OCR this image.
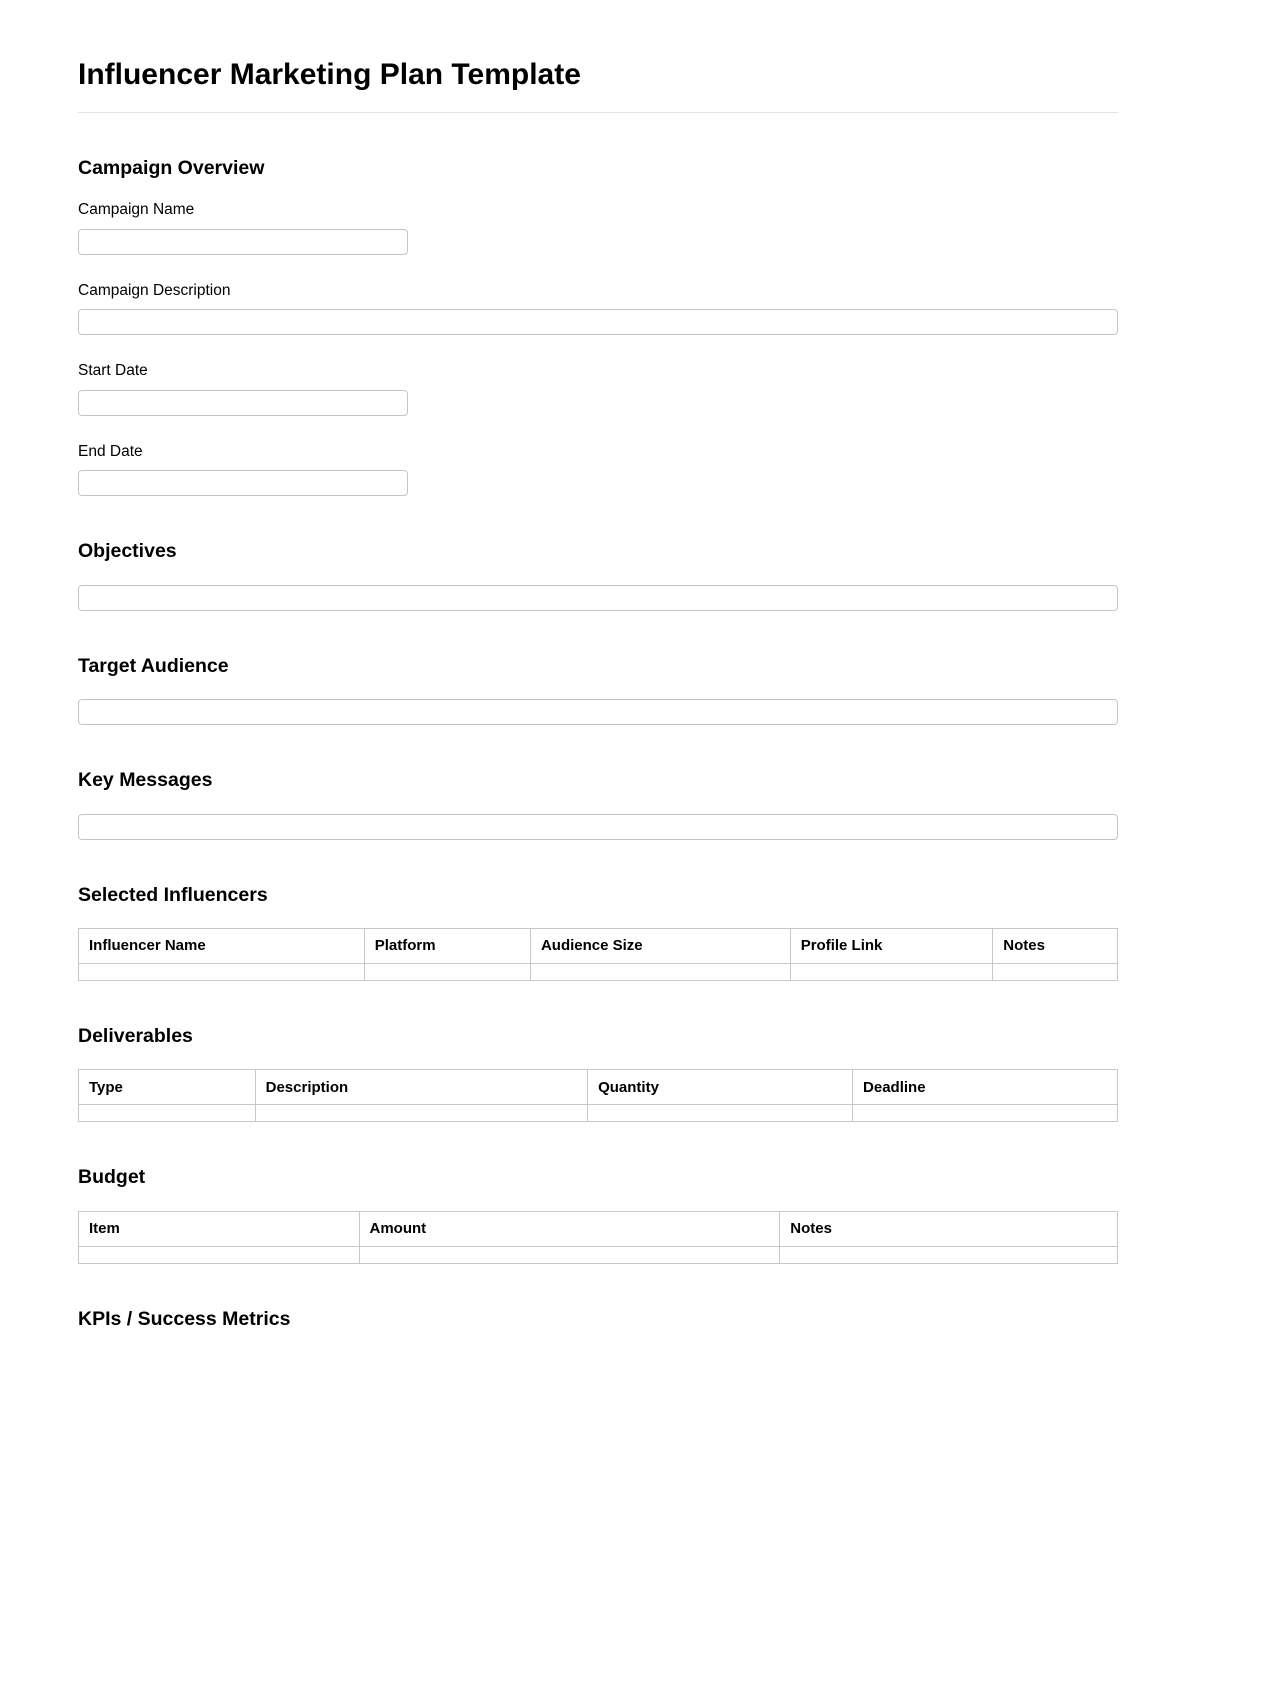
Influencer Marketing Plan Template
Campaign Overview
Campaign Name
Campaign Description
Start Date
End Date
Objectives
Target Audience
Key Messages
Selected Influencers
Influencer Name	Platform	Audience Size	Profile Link	Notes

Deliverables
Type	Description	Quantity	Deadline

Budget
Item	Amount	Notes

KPIs / Success Metrics
